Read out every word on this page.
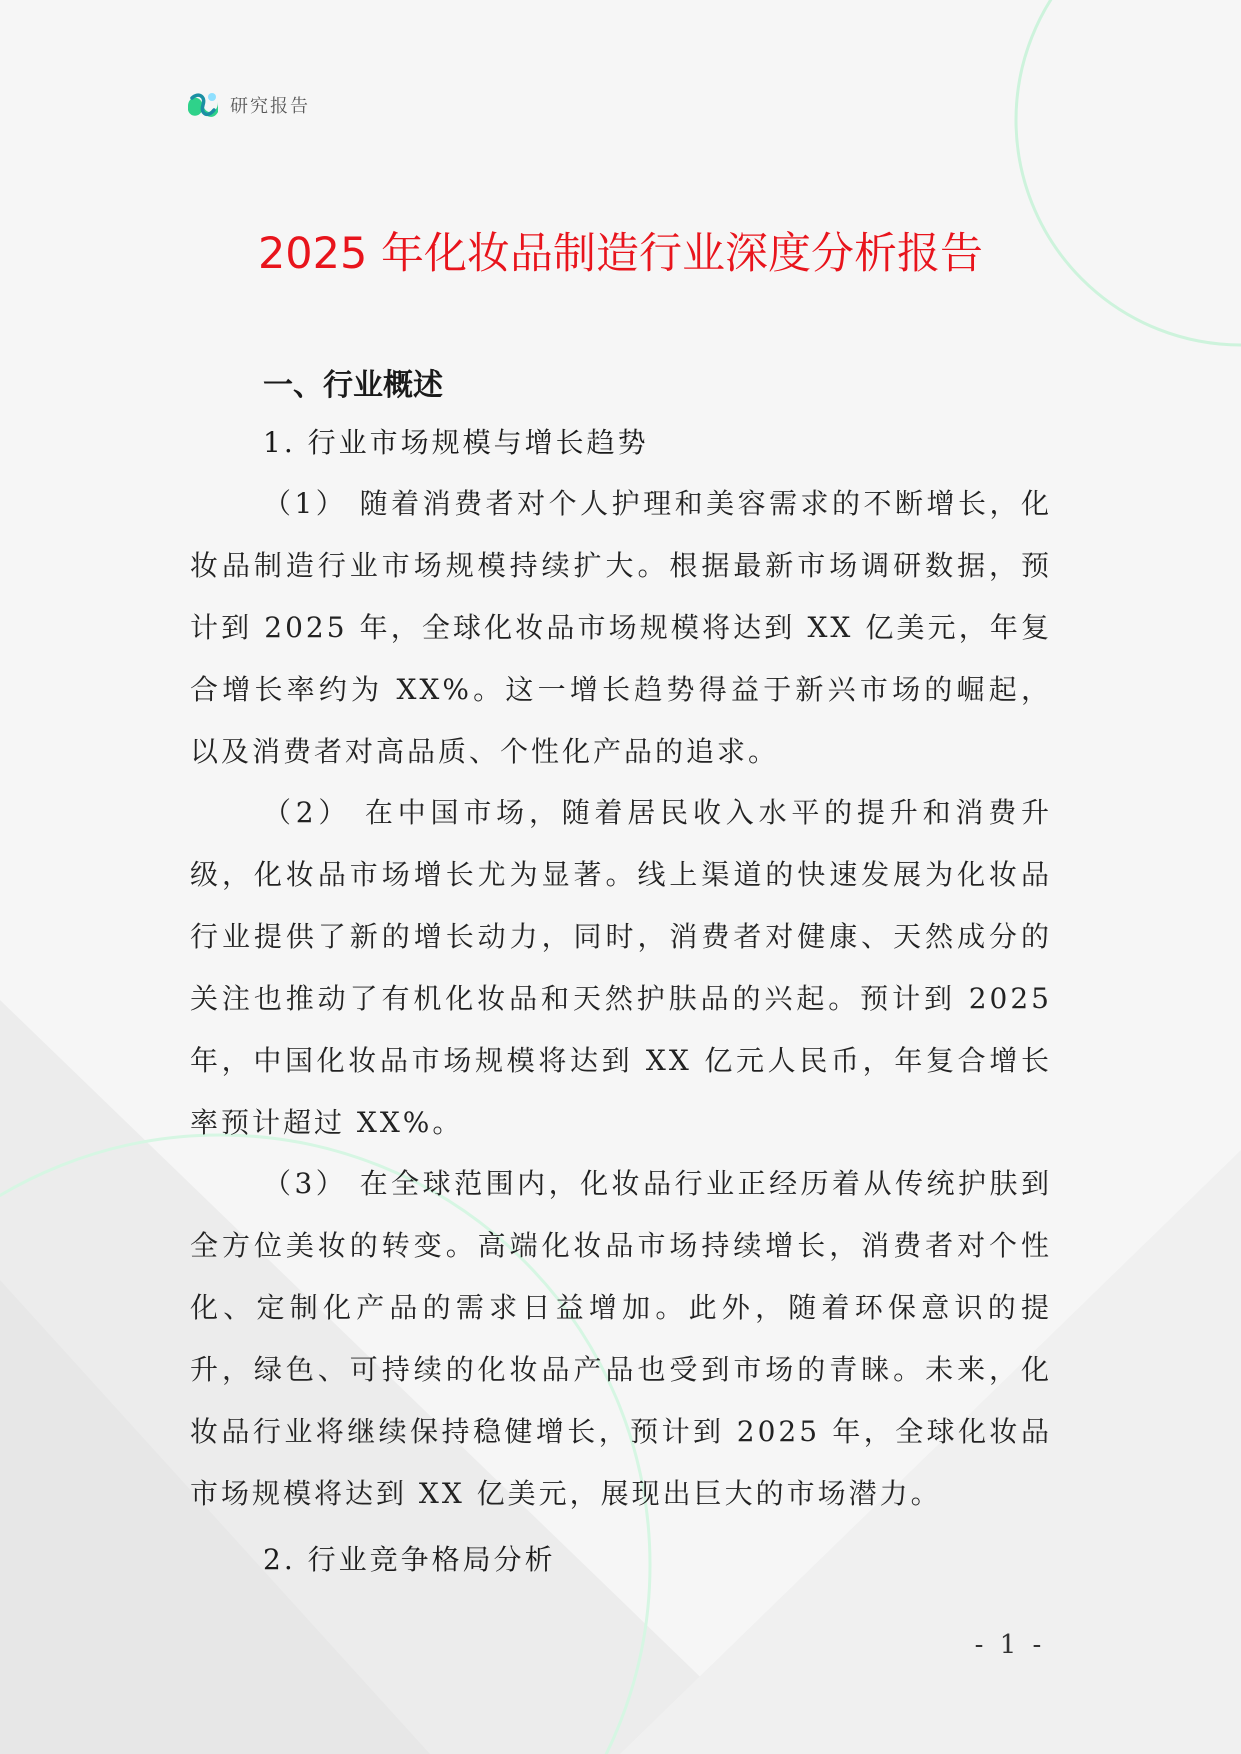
研究报告
2025 年化妆品制造行业深度分析报告
一、行业概述
1. 行业市场规模与增长趋势

（1） 随着消费者对个人护理和美容需求的不断增长，化妆品制造行业市场规模持续扩大。根据最新市场调研数据，预计到 2025 年，全球化妆品市场规模将达到 XX 亿美元，年复合增长率约为 XX%。这一增长趋势得益于新兴市场的崛起，以及消费者对高品质、个性化产品的追求。

（2） 在中国市场，随着居民收入水平的提升和消费升级，化妆品市场增长尤为显著。线上渠道的快速发展为化妆品行业提供了新的增长动力，同时，消费者对健康、天然成分的关注也推动了有机化妆品和天然护肤品的兴起。预计到 2025 年，中国化妆品市场规模将达到 XX 亿元人民币，年复合增长率预计超过 XX%。

（3） 在全球范围内，化妆品行业正经历着从传统护肤到全方位美妆的转变。高端化妆品市场持续增长，消费者对个性化、定制化产品的需求日益增加。此外，随着环保意识的提升，绿色、可持续的化妆品产品也受到市场的青睐。未来，化妆品行业将继续保持稳健增长，预计到 2025 年，全球化妆品市场规模将达到 XX 亿美元，展现出巨大的市场潜力。

2. 行业竞争格局分析
- 1 -
